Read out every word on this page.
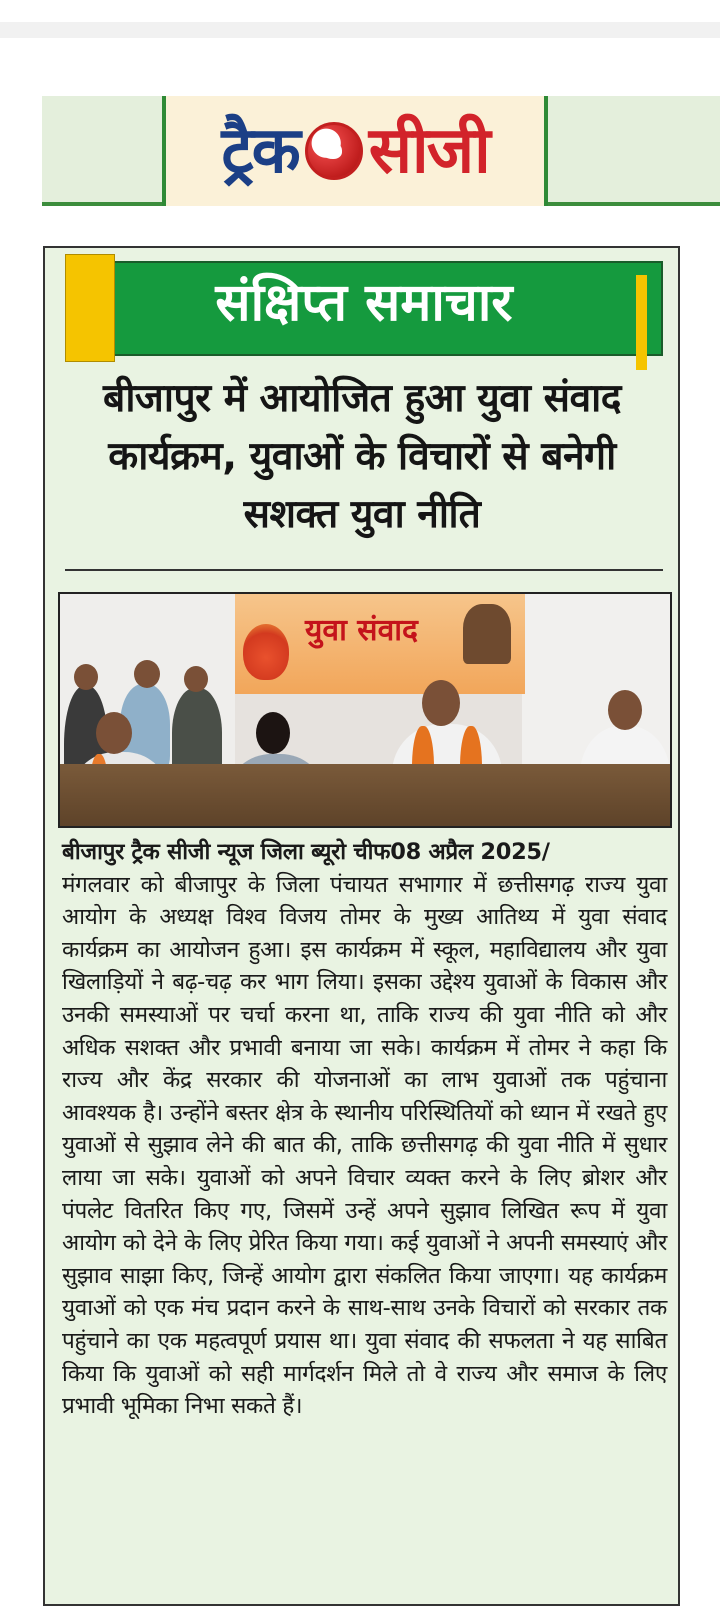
ट्रैक सीजी
संक्षिप्त समाचार
बीजापुर में आयोजित हुआ युवा संवाद कार्यक्रम, युवाओं के विचारों से बनेगी सशक्त युवा नीति
युवा संवाद
बीजापुर ट्रैक सीजी न्यूज जिला ब्यूरो चीफ08 अप्रैल 2025/
मंगलवार को बीजापुर के जिला पंचायत सभागार में छत्तीसगढ़ राज्य युवा आयोग के अध्यक्ष विश्व विजय तोमर के मुख्य आतिथ्य में युवा संवाद कार्यक्रम का आयोजन हुआ। इस कार्यक्रम में स्कूल, महाविद्यालय और युवा खिलाड़ियों ने बढ़-चढ़ कर भाग लिया। इसका उद्देश्य युवाओं के विकास और उनकी समस्याओं पर चर्चा करना था, ताकि राज्य की युवा नीति को और अधिक सशक्त और प्रभावी बनाया जा सके। कार्यक्रम में तोमर ने कहा कि राज्य और केंद्र सरकार की योजनाओं का लाभ युवाओं तक पहुंचाना आवश्यक है। उन्होंने बस्तर क्षेत्र के स्थानीय परिस्थितियों को ध्यान में रखते हुए युवाओं से सुझाव लेने की बात की, ताकि छत्तीसगढ़ की युवा नीति में सुधार लाया जा सके। युवाओं को अपने विचार व्यक्त करने के लिए ब्रोशर और पंपलेट वितरित किए गए, जिसमें उन्हें अपने सुझाव लिखित रूप में युवा आयोग को देने के लिए प्रेरित किया गया। कई युवाओं ने अपनी समस्याएं और सुझाव साझा किए, जिन्हें आयोग द्वारा संकलित किया जाएगा। यह कार्यक्रम युवाओं को एक मंच प्रदान करने के साथ-साथ उनके विचारों को सरकार तक पहुंचाने का एक महत्वपूर्ण प्रयास था। युवा संवाद की सफलता ने यह साबित किया कि युवाओं को सही मार्गदर्शन मिले तो वे राज्य और समाज के लिए प्रभावी भूमिका निभा सकते हैं।
